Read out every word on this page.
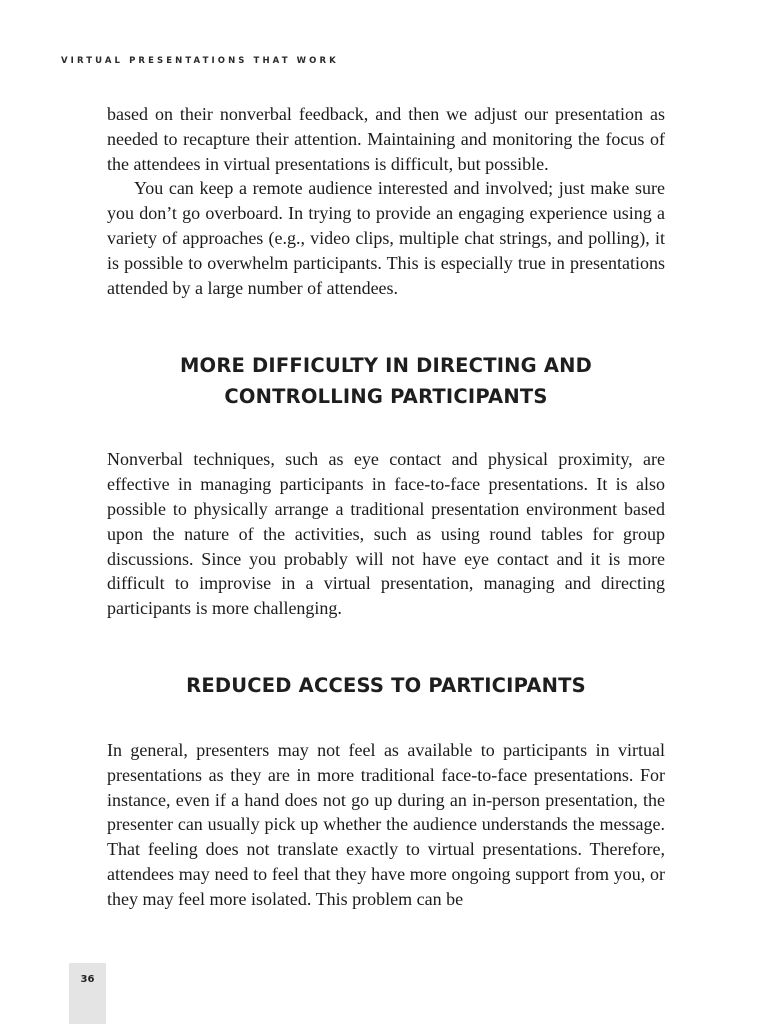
VIRTUAL PRESENTATIONS THAT WORK

based on their nonverbal feedback, and then we adjust our presentation as needed to recapture their attention. Maintaining and monitoring the focus of the attendees in virtual presentations is difficult, but possible.

You can keep a remote audience interested and involved; just make sure you don’t go overboard. In trying to provide an engaging experience using a variety of approaches (e.g., video clips, multiple chat strings, and polling), it is possible to overwhelm participants. This is especially true in presentations attended by a large number of attendees.

MORE DIFFICULTY IN DIRECTING AND
CONTROLLING PARTICIPANTS

Nonverbal techniques, such as eye contact and physical proximity, are effective in managing participants in face-to-face presentations. It is also possible to physically arrange a traditional presentation environment based upon the nature of the activities, such as using round tables for group discussions. Since you probably will not have eye contact and it is more difficult to improvise in a virtual presentation, managing and directing participants is more challenging.

REDUCED ACCESS TO PARTICIPANTS

In general, presenters may not feel as available to participants in virtual presentations as they are in more traditional face-to-face presentations. For instance, even if a hand does not go up during an in-person presentation, the presenter can usually pick up whether the audience understands the message. That feeling does not translate exactly to virtual presentations. Therefore, attendees may need to feel that they have more ongoing support from you, or they may feel more isolated. This problem can be

36
